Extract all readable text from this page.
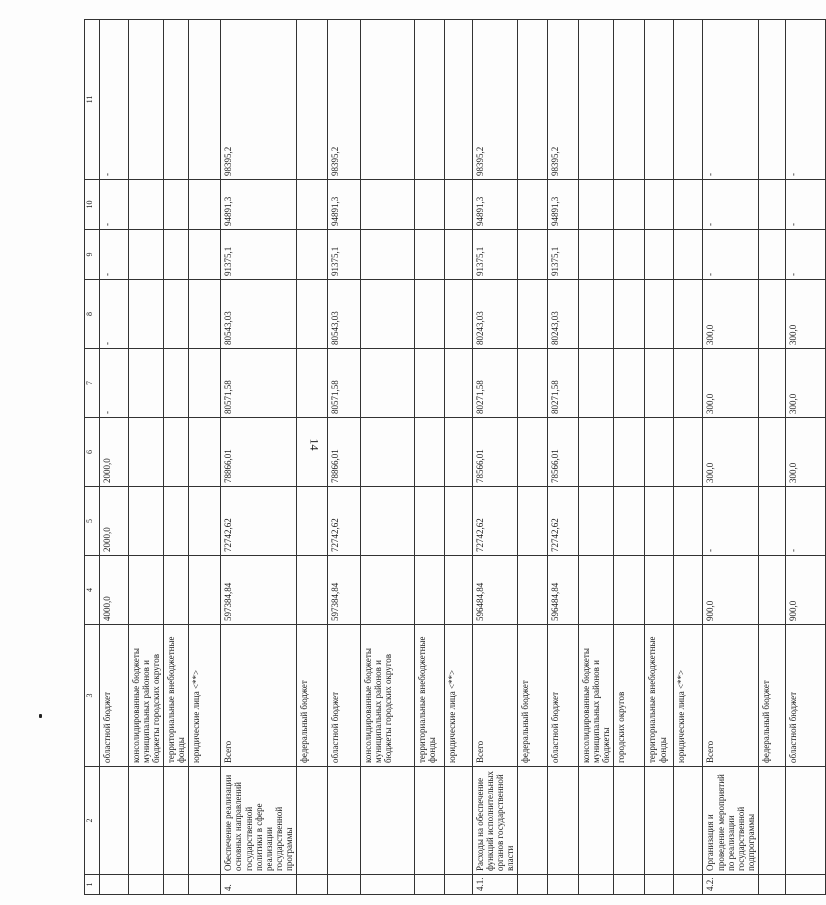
14
1	2	3	4	5	6	7	8	9	10	11
		областной бюджет	4000,0	2000,0	2000,0	-	-	-	-	-
		консолидированные бюджеты муниципальных районов и бюджеты городских округов								
		территориальные внебюджетные фонды								
		юридические лица <**>								
4.	Обеспечение реализации основных направлений государственной политики в сфере реализации государственной программы	Всего	597384,84	72742,62	78866,01	80571,58	80543,03	91375,1	94891,3	98395,2
		федеральный бюджет								
		областной бюджет	597384,84	72742,62	78866,01	80571,58	80543,03	91375,1	94891,3	98395,2
		консолидированные бюджеты муниципальных районов и бюджеты городских округов								
		территориальные внебюджетные фонды								
		юридические лица <**>								
4.1.	Расходы на обеспечение функций исполнительных органов государственной власти	Всего	596484,84	72742,62	78566,01	80271,58	80243,03	91375,1	94891,3	98395,2
		федеральный бюджет								
		областной бюджет	596484,84	72742,62	78566,01	80271,58	80243,03	91375,1	94891,3	98395,2
		консолидированные бюджеты муниципальных районов и бюджеты								
		городских округов								
		территориальные внебюджетные фонды								
		юридические лица <**>								
4.2.	Организация и проведение мероприятий по реализации государственной подпрограммы	Всего	900,0	-	300,0	300,0	300,0	-	-	-
		федеральный бюджет								
		областной бюджет	900,0	-	300,0	300,0	300,0	-	-	-
